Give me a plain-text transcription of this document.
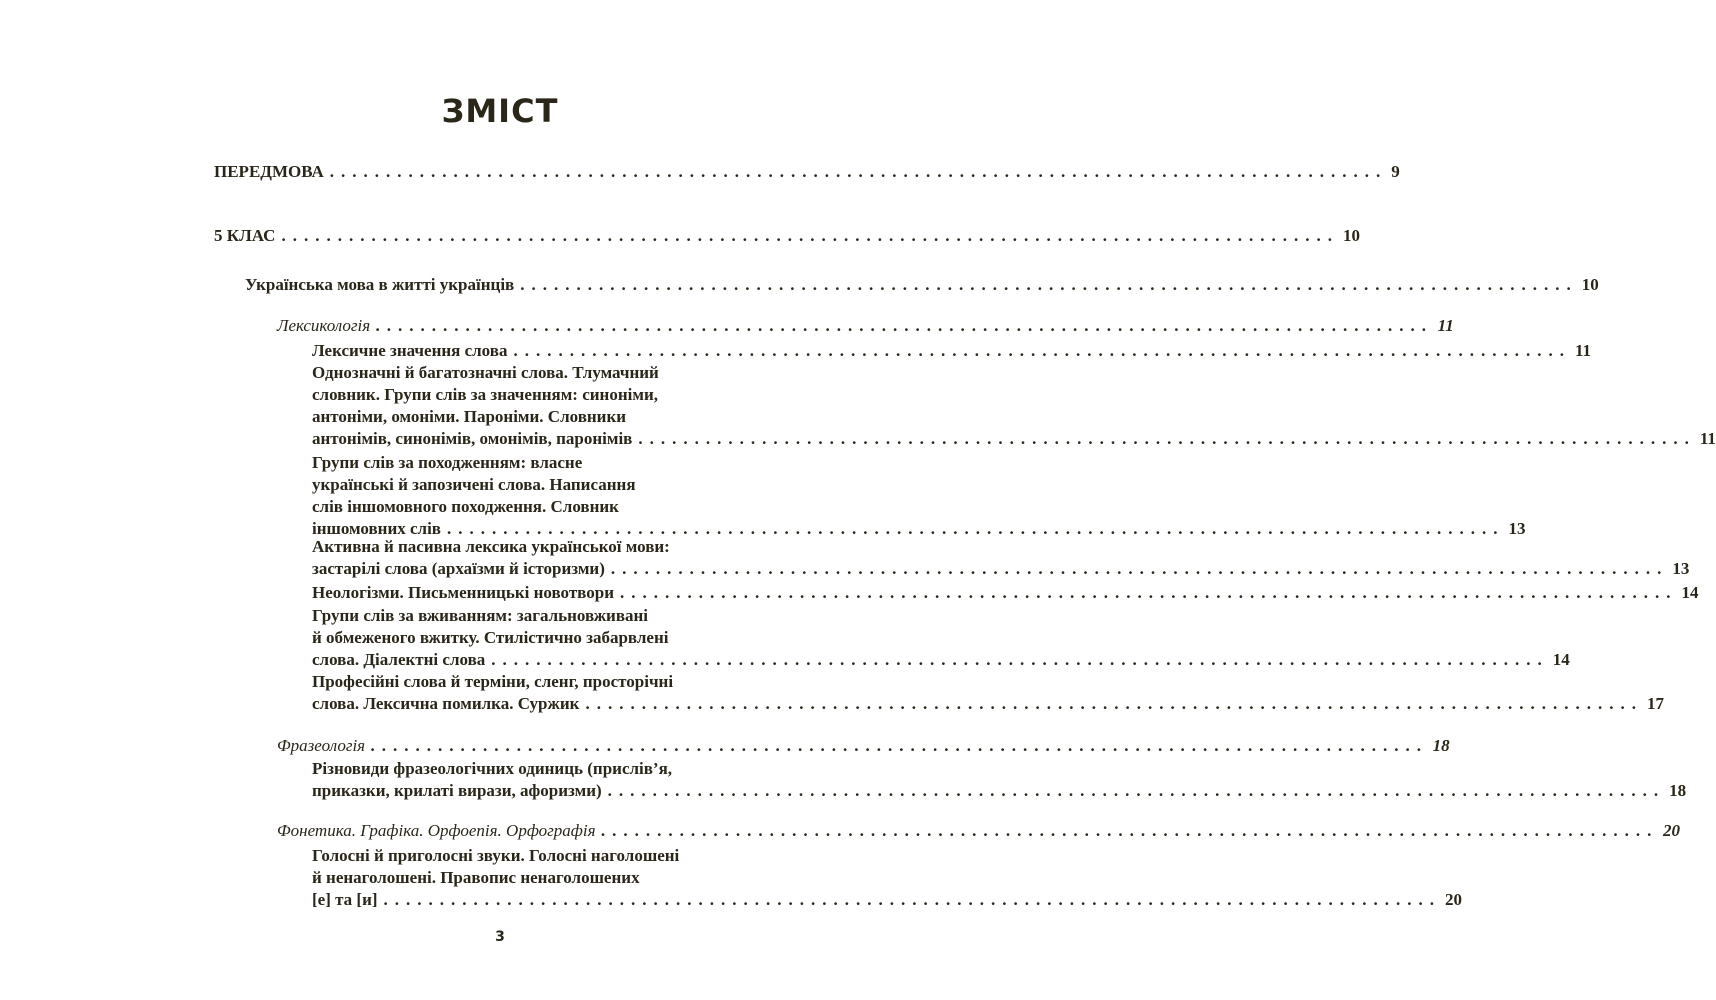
ЗМІСТ
ПЕРЕДМОВА .............................................................................................. 9
5 КЛАС .............................................................................................. 10
Українська мова в житті українців .............................................................................................. 10
Лексикологія .............................................................................................. 11
Лексичне значення слова .............................................................................................. 11
Однозначні й багатозначні слова. Тлумачний
словник. Групи слів за значенням: синоніми,
антоніми, омоніми. Пароніми. Словники
антонімів, синонімів, омонімів, паронімів .............................................................................................. 11
Групи слів за походженням: власне
українські й запозичені слова. Написання
слів іншомовного походження. Словник
іншомовних слів .............................................................................................. 13
Активна й пасивна лексика української мови:
застарілі слова (архаїзми й історизми) .............................................................................................. 13
Неологізми. Письменницькі новотвори .............................................................................................. 14
Групи слів за вживанням: загальновживані
й обмеженого вжитку. Стилістично забарвлені
слова. Діалектні слова .............................................................................................. 14
Професійні слова й терміни, сленг, просторічні
слова. Лексична помилка. Суржик .............................................................................................. 17
Фразеологія .............................................................................................. 18
Різновиди фразеологічних одиниць (прислів’я,
приказки, крилаті вирази, афоризми) .............................................................................................. 18
Фонетика. Графіка. Орфоепія. Орфографія .............................................................................................. 20
Голосні й приголосні звуки. Голосні наголошені
й ненаголошені. Правопис ненаголошених
[е] та [и] .............................................................................................. 20
3
